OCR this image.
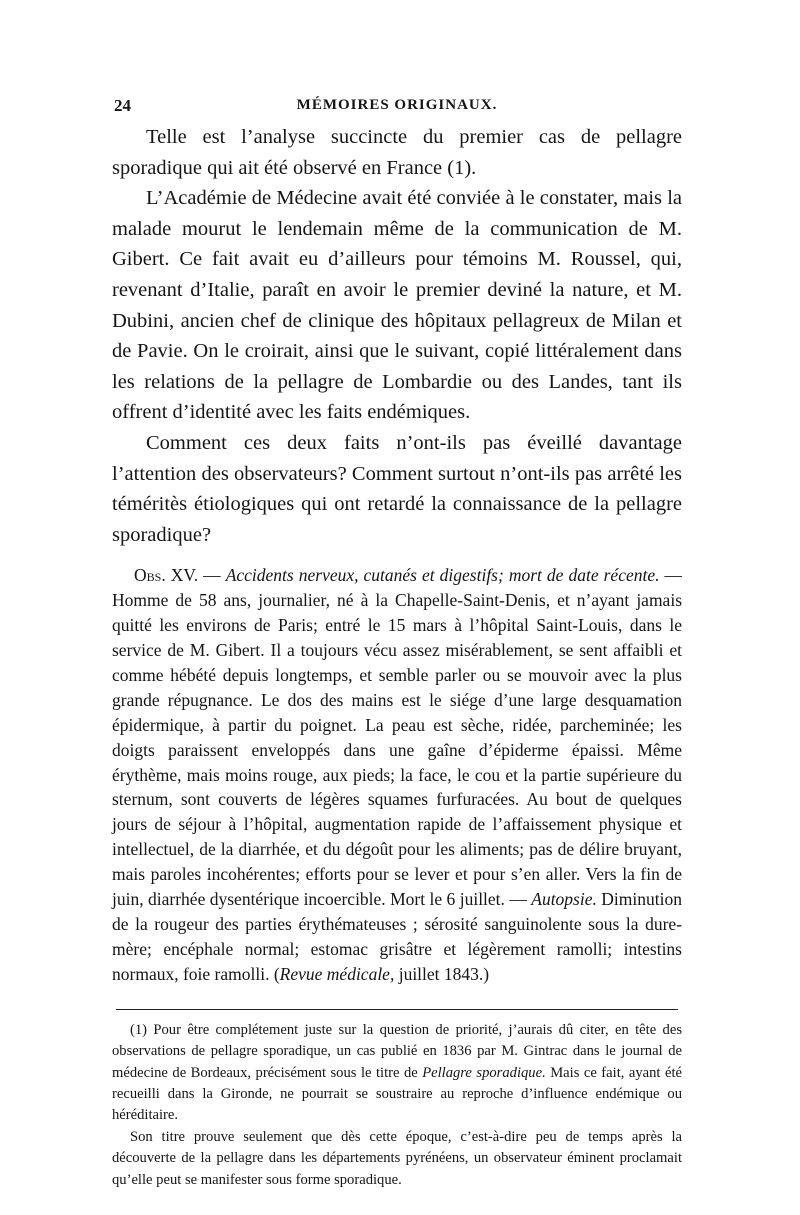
24	MÉMOIRES ORIGINAUX.

Telle est l’analyse succincte du premier cas de pellagre sporadique qui ait été observé en France (1).

L’Académie de Médecine avait été conviée à le constater, mais la malade mourut le lendemain même de la communication de M. Gibert. Ce fait avait eu d’ailleurs pour témoins M. Roussel, qui, revenant d’Italie, paraît en avoir le premier deviné la nature, et M. Dubini, ancien chef de clinique des hôpitaux pellagreux de Milan et de Pavie. On le croirait, ainsi que le suivant, copié littéralement dans les relations de la pellagre de Lombardie ou des Landes, tant ils offrent d’identité avec les faits endémiques.

Comment ces deux faits n’ont-ils pas éveillé davantage l’attention des observateurs? Comment surtout n’ont-ils pas arrêté les téméritès étiologiques qui ont retardé la connaissance de la pellagre sporadique?

Obs. XV. — Accidents nerveux, cutanés et digestifs; mort de date récente. — Homme de 58 ans, journalier, né à la Chapelle-Saint-Denis, et n’ayant jamais quitté les environs de Paris; entré le 15 mars à l’hôpital Saint-Louis, dans le service de M. Gibert. Il a toujours vécu assez misérablement, se sent affaibli et comme hébété depuis longtemps, et semble parler ou se mouvoir avec la plus grande répugnance. Le dos des mains est le siége d’une large desquamation épidermique, à partir du poignet. La peau est sèche, ridée, parcheminée; les doigts paraissent enveloppés dans une gaîne d’épiderme épaissi. Même érythème, mais moins rouge, aux pieds; la face, le cou et la partie supérieure du sternum, sont couverts de légères squames furfuracées. Au bout de quelques jours de séjour à l’hôpital, augmentation rapide de l’affaissement physique et intellectuel, de la diarrhée, et du dégoût pour les aliments; pas de délire bruyant, mais paroles incohérentes; efforts pour se lever et pour s’en aller. Vers la fin de juin, diarrhée dysentérique incoercible. Mort le 6 juillet. — Autopsie. Diminution de la rougeur des parties érythémateuses ; sérosité sanguinolente sous la dure-mère; encéphale normal; estomac grisâtre et légèrement ramolli; intestins normaux, foie ramolli. (Revue médicale, juillet 1843.)

(1) Pour être complétement juste sur la question de priorité, j’aurais dû citer, en tête des observations de pellagre sporadique, un cas publié en 1836 par M. Gintrac dans le journal de médecine de Bordeaux, précisément sous le titre de Pellagre sporadique. Mais ce fait, ayant été recueilli dans la Gironde, ne pourrait se soustraire au reproche d’influence endémique ou héréditaire.

Son titre prouve seulement que dès cette époque, c’est-à-dire peu de temps après la découverte de la pellagre dans les départements pyrénéens, un observateur éminent proclamait qu’elle peut se manifester sous forme sporadique.
